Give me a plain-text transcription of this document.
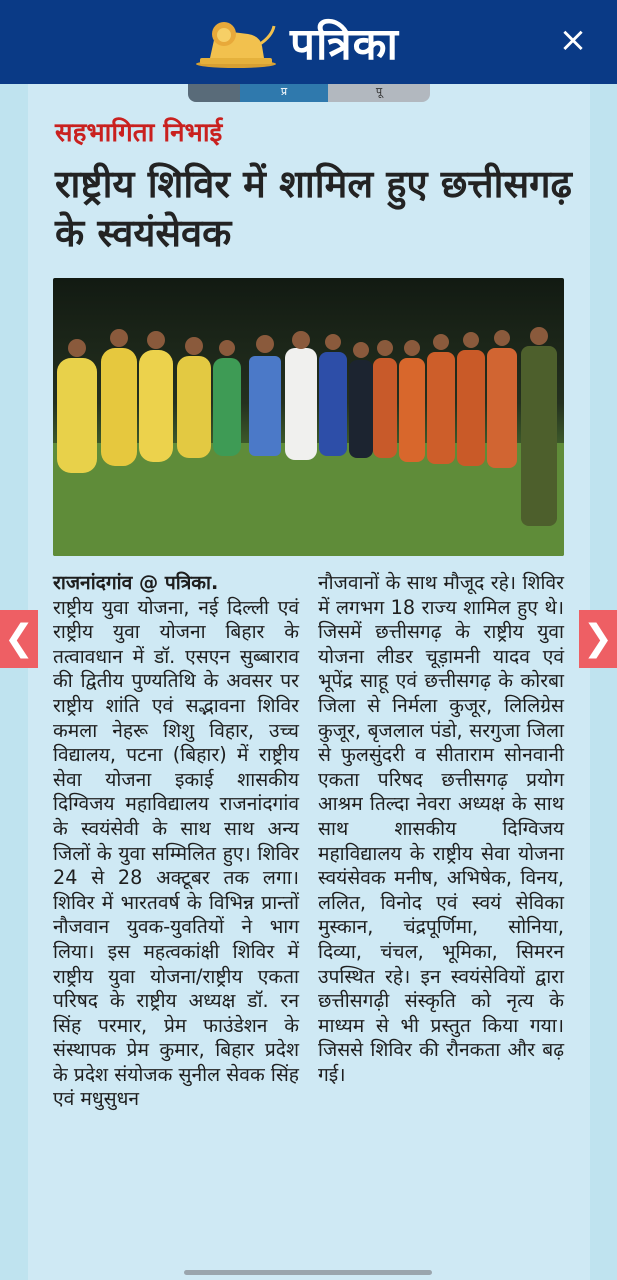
पत्रिका	×
प्र	पू
सहभागिता निभाई
राष्ट्रीय शिविर में शामिल हुए छत्तीसगढ़ के स्वयंसेवक

राजनांदगांव @ पत्रिका.
राष्ट्रीय युवा योजना, नई दिल्ली एवं राष्ट्रीय युवा योजना बिहार के तत्वावधान में डॉ. एसएन सुब्बाराव की द्वितीय पुण्यतिथि के अवसर पर राष्ट्रीय शांति एवं सद्भावना शिविर कमला नेहरू शिशु विहार, उच्च विद्यालय, पटना (बिहार) में राष्ट्रीय सेवा योजना इकाई शासकीय दिग्विजय महाविद्यालय राजनांदगांव के स्वयंसेवी के साथ साथ अन्य जिलों के युवा सम्मिलित हुए। शिविर 24 से 28 अक्टूबर तक लगा। शिविर में भारतवर्ष के विभिन्न प्रान्तों नौजवान युवक-युवतियों ने भाग लिया। इस महत्वकांक्षी शिविर में राष्ट्रीय युवा योजना/राष्ट्रीय एकता परिषद के राष्ट्रीय अध्यक्ष डॉ. रन सिंह परमार, प्रेम फाउंडेशन के संस्थापक प्रेम कुमार, बिहार प्रदेश के प्रदेश संयोजक सुनील सेवक सिंह एवं मधुसुधन

नौजवानों के साथ मौजूद रहे। शिविर में लगभग 18 राज्य शामिल हुए थे। जिसमें छत्तीसगढ़ के राष्ट्रीय युवा योजना लीडर चूड़ामनी यादव एवं भूपेंद्र साहू एवं छत्तीसगढ़ के कोरबा जिला से निर्मला कुजूर, लिलिग्रेस कुजूर, बृजलाल पंडो, सरगुजा जिला से फुलसुंदरी व सीताराम सोनवानी एकता परिषद छत्तीसगढ़ प्रयोग आश्रम तिल्दा नेवरा अध्यक्ष के साथ साथ शासकीय दिग्विजय महाविद्यालय के राष्ट्रीय सेवा योजना स्वयंसेवक मनीष, अभिषेक, विनय, ललित, विनोद एवं स्वयं सेविका मुस्कान, चंद्रपूर्णिमा, सोनिया, दिव्या, चंचल, भूमिका, सिमरन उपस्थित रहे। इन स्वयंसेवियों द्वारा छत्तीसगढ़ी संस्कृति को नृत्य के माध्यम से भी प्रस्तुत किया गया। जिससे शिविर की रौनकता और बढ़ गई।

❮	❯
